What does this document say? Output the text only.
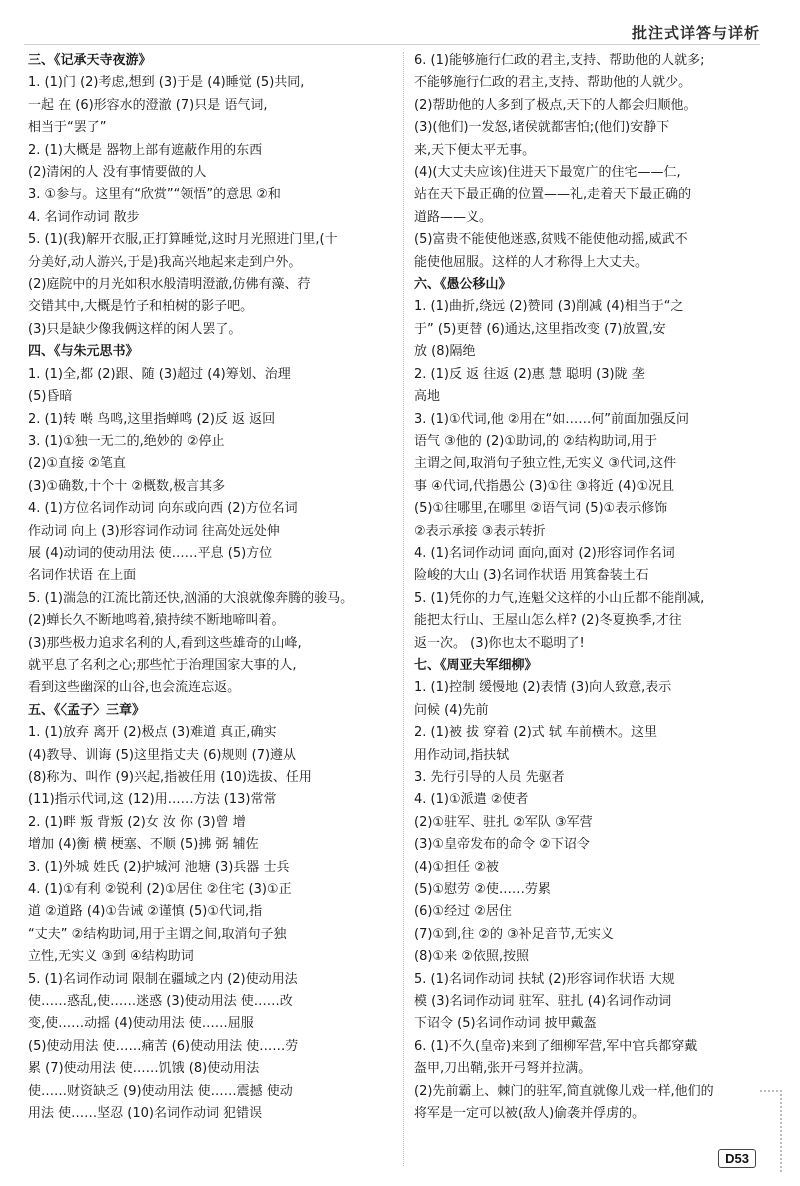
批注式详答与详析
三、《记承天寺夜游》
1. (1)门 (2)考虑,想到 (3)于是 (4)睡觉 (5)共同,
一起 在 (6)形容水的澄澈 (7)只是 语气词,
相当于“罢了”
2. (1)大概是 器物上部有遮蔽作用的东西
(2)清闲的人 没有事情要做的人
3. ①参与。这里有“欣赏”“领悟”的意思 ②和
4. 名词作动词 散步
5. (1)(我)解开衣服,正打算睡觉,这时月光照进门里,(十
分美好,动人游兴,于是)我高兴地起来走到户外。
(2)庭院中的月光如积水般清明澄澈,仿佛有藻、荇
交错其中,大概是竹子和柏树的影子吧。
(3)只是缺少像我俩这样的闲人罢了。
四、《与朱元思书》
1. (1)全,都 (2)跟、随 (3)超过 (4)筹划、治理
(5)昏暗
2. (1)转 啭 鸟鸣,这里指蝉鸣 (2)反 返 返回
3. (1)①独一无二的,绝妙的 ②停止
(2)①直接 ②笔直
(3)①确数,十个十 ②概数,极言其多
4. (1)方位名词作动词 向东或向西 (2)方位名词
作动词 向上 (3)形容词作动词 往高处远处伸
展 (4)动词的使动用法 使……平息 (5)方位
名词作状语 在上面
5. (1)湍急的江流比箭还快,汹涌的大浪就像奔腾的骏马。
(2)蝉长久不断地鸣着,猿持续不断地啼叫着。
(3)那些极力追求名利的人,看到这些雄奇的山峰,
就平息了名利之心;那些忙于治理国家大事的人,
看到这些幽深的山谷,也会流连忘返。
五、《〈孟子〉三章》
1. (1)放弃 离开 (2)极点 (3)难道 真正,确实
(4)教导、训诲 (5)这里指丈夫 (6)规则 (7)遵从
(8)称为、叫作 (9)兴起,指被任用 (10)选拔、任用
(11)指示代词,这 (12)用……方法 (13)常常
2. (1)畔 叛 背叛 (2)女 汝 你 (3)曾 增
增加 (4)衡 横 梗塞、不顺 (5)拂 弼 辅佐
3. (1)外城 姓氏 (2)护城河 池塘 (3)兵器 士兵
4. (1)①有利 ②锐利 (2)①居住 ②住宅 (3)①正
道 ②道路 (4)①告诫 ②谨慎 (5)①代词,指
“丈夫” ②结构助词,用于主谓之间,取消句子独
立性,无实义 ③到 ④结构助词
5. (1)名词作动词 限制在疆域之内 (2)使动用法
使……惑乱,使……迷惑 (3)使动用法 使……改
变,使……动摇 (4)使动用法 使……屈服
(5)使动用法 使……痛苦 (6)使动用法 使……劳
累 (7)使动用法 使……饥饿 (8)使动用法
使……财资缺乏 (9)使动用法 使……震撼 使动
用法 使……坚忍 (10)名词作动词 犯错误
6. (1)能够施行仁政的君主,支持、帮助他的人就多;
不能够施行仁政的君主,支持、帮助他的人就少。
(2)帮助他的人多到了极点,天下的人都会归顺他。
(3)(他们)一发怒,诸侯就都害怕;(他们)安静下
来,天下便太平无事。
(4)(大丈夫应该)住进天下最宽广的住宅——仁,
站在天下最正确的位置——礼,走着天下最正确的
道路——义。
(5)富贵不能使他迷惑,贫贱不能使他动摇,威武不
能使他屈服。这样的人才称得上大丈夫。
六、《愚公移山》
1. (1)曲折,绕远 (2)赞同 (3)削减 (4)相当于“之
于” (5)更替 (6)通达,这里指改变 (7)放置,安
放 (8)隔绝
2. (1)反 返 往返 (2)惠 慧 聪明 (3)陇 垄
高地
3. (1)①代词,他 ②用在“如……何”前面加强反问
语气 ③他的 (2)①助词,的 ②结构助词,用于
主谓之间,取消句子独立性,无实义 ③代词,这件
事 ④代词,代指愚公 (3)①往 ③将近 (4)①况且
(5)①往哪里,在哪里 ②语气词 (5)①表示修饰
②表示承接 ③表示转折
4. (1)名词作动词 面向,面对 (2)形容词作名词
险峻的大山 (3)名词作状语 用箕畚装土石
5. (1)凭你的力气,连魁父这样的小山丘都不能削减,
能把太行山、王屋山怎么样? (2)冬夏换季,才往
返一次。 (3)你也太不聪明了!
七、《周亚夫军细柳》
1. (1)控制 缓慢地 (2)表情 (3)向人致意,表示
问候 (4)先前
2. (1)被 拔 穿着 (2)式 轼 车前横木。这里
用作动词,指扶轼
3. 先行引导的人员 先驱者
4. (1)①派遣 ②使者
(2)①驻军、驻扎 ②军队 ③军营
(3)①皇帝发布的命令 ②下诏令
(4)①担任 ②被
(5)①慰劳 ②使……劳累
(6)①经过 ②居住
(7)①到,往 ②的 ③补足音节,无实义
(8)①来 ②依照,按照
5. (1)名词作动词 扶轼 (2)形容词作状语 大规
模 (3)名词作动词 驻军、驻扎 (4)名词作动词
下诏令 (5)名词作动词 披甲戴盔
6. (1)不久(皇帝)来到了细柳军营,军中官兵都穿戴
盔甲,刀出鞘,张开弓弩并拉满。
(2)先前霸上、棘门的驻军,简直就像儿戏一样,他们的
将军是一定可以被(敌人)偷袭并俘虏的。
D53
